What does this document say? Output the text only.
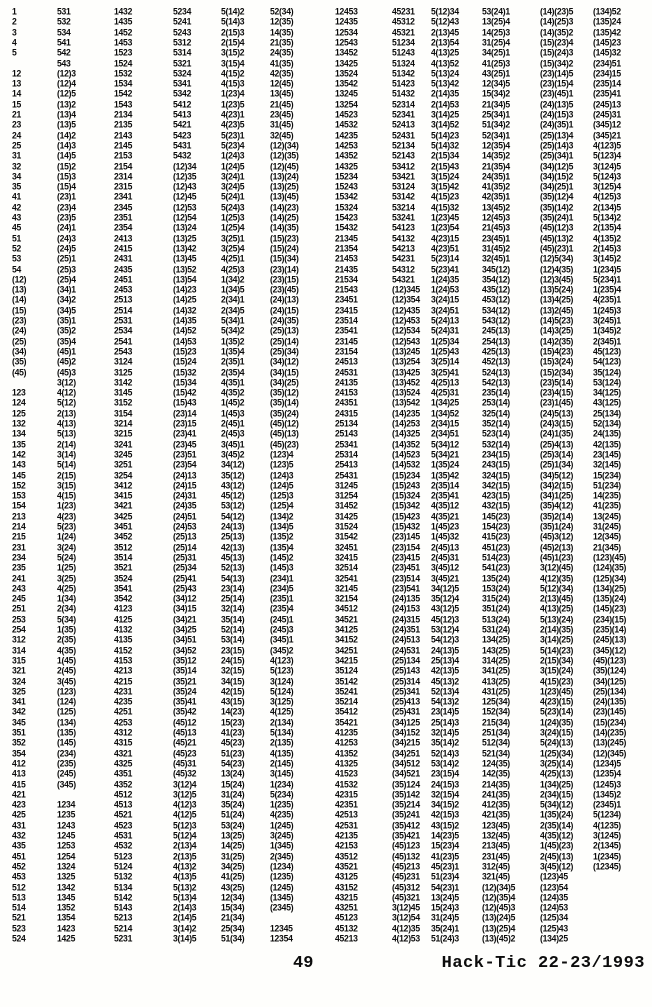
1
2
3
4
5
12
13
14
15
21
23
24
25
31
32
34
35
41
42
43
45
51
52
53
54
(12)
(13)
(14)
(15)
(23)
(24)
(25)
(34)
(35)
(45)
123
124
125
132
134
135
142
143
145
152
153
154
213
214
215
231
234
235
241
243
245
251
253
254
312
314
315
321
324
325
341
342
345
351
352
354
412
413
415
421
423
425
431
432
435
451
452
453
512
513
514
521
523
524
531
532
534
541
542
543
(12)3
(12)4
(12)5
(13)2
(13)4
(13)5
(14)2
(14)3
(14)5
(15)2
(15)3
(15)4
(23)1
(23)4
(23)5
(24)1
(24)3
(24)5
(25)1
(25)3
(25)4
(34)1
(34)2
(34)5
(35)1
(35)2
(35)4
(45)1
(45)2
(45)3
3(12)
4(12)
5(12)
2(13)
4(13)
5(13)
2(14)
3(14)
5(14)
2(15)
3(15)
4(15)
1(23)
4(23)
5(23)
1(24)
3(24)
5(24)
1(25)
3(25)
4(25)
1(34)
2(34)
5(34)
1(35)
2(35)
4(35)
1(45)
2(45)
3(45)
(123)
(124)
(125)
(134)
(135)
(145)
(234)
(235)
(245)
(345)
1234
1235
1243
1245
1253
1254
1324
1325
1342
1345
1352
1354
1423
1425
1432
1435
1452
1453
1523
1524
1532
1534
1542
1543
2134
2135
2143
2145
2153
2154
2314
2315
2341
2345
2351
2354
2413
2415
2431
2435
2451
2453
2513
2514
2531
2534
2541
2543
3124
3125
3142
3145
3152
3154
3214
3215
3241
3245
3251
3254
3412
3415
3421
3425
3451
3452
3512
3514
3521
3524
3541
3542
4123
4125
4132
4135
4152
4153
4213
4215
4231
4235
4251
4253
4312
4315
4321
4325
4351
4352
4512
4513
4521
4523
4531
4532
5123
5124
5132
5134
5142
5143
5213
5214
5231
5234
5241
5243
5312
5314
5321
5324
5341
5342
5412
5413
5421
5423
5431
5432
(12)34
(12)35
(12)43
(12)45
(12)53
(12)54
(13)24
(13)25
(13)42
(13)45
(13)52
(13)54
(14)23
(14)25
(14)32
(14)35
(14)52
(14)53
(15)23
(15)24
(15)32
(15)34
(15)42
(15)43
(23)14
(23)15
(23)41
(23)45
(23)51
(23)54
(24)13
(24)15
(24)31
(24)35
(24)51
(24)53
(25)13
(25)14
(25)31
(25)34
(25)41
(25)43
(34)12
(34)15
(34)21
(34)25
(34)51
(34)52
(35)12
(35)14
(35)21
(35)24
(35)41
(35)42
(45)12
(45)13
(45)21
(45)23
(45)31
(45)32
3(12)4
3(12)5
4(12)3
4(12)5
5(12)3
5(12)4
2(13)4
2(13)5
4(13)2
4(13)5
5(13)2
5(13)4
2(14)3
2(14)5
3(14)2
3(14)5
5(14)2
5(14)3
2(15)3
2(15)4
3(15)2
3(15)4
4(15)2
4(15)3
1(23)4
1(23)5
4(23)1
4(23)5
5(23)1
5(23)4
1(24)3
1(24)5
3(24)1
3(24)5
5(24)1
5(24)3
1(25)3
1(25)4
3(25)1
3(25)4
4(25)1
4(25)3
1(34)2
1(34)5
2(34)1
2(34)5
5(34)1
5(34)2
1(35)2
1(35)4
2(35)1
2(35)4
4(35)1
4(35)2
1(45)2
1(45)3
2(45)1
2(45)3
3(45)1
3(45)2
34(12)
35(12)
43(12)
45(12)
53(12)
54(12)
24(13)
25(13)
42(13)
45(13)
52(13)
54(13)
23(14)
25(14)
32(14)
35(14)
52(14)
53(14)
23(15)
24(15)
32(15)
34(15)
42(15)
43(15)
14(23)
15(23)
41(23)
45(23)
51(23)
54(23)
13(24)
15(24)
31(24)
35(24)
51(24)
53(24)
13(25)
14(25)
31(25)
34(25)
41(25)
43(25)
12(34)
15(34)
21(34)
25(34)
51(34)
52(34)
12(35)
14(35)
21(35)
24(35)
41(35)
42(35)
12(45)
13(45)
21(45)
23(45)
31(45)
32(45)
(12)(34)
(12)(35)
(12)(45)
(13)(24)
(13)(25)
(13)(45)
(14)(23)
(14)(25)
(14)(35)
(15)(23)
(15)(24)
(15)(34)
(23)(14)
(23)(15)
(23)(45)
(24)(13)
(24)(15)
(24)(35)
(25)(13)
(25)(14)
(25)(34)
(34)(12)
(34)(15)
(34)(25)
(35)(12)
(35)(14)
(35)(24)
(45)(12)
(45)(13)
(45)(23)
(123)4
(123)5
(124)3
(124)5
(125)3
(125)4
(134)2
(134)5
(135)2
(135)4
(145)2
(145)3
(234)1
(234)5
(235)1
(235)4
(245)1
(245)3
(345)1
(345)2
4(123)
5(123)
3(124)
5(124)
3(125)
4(125)
2(134)
5(134)
2(135)
4(135)
2(145)
3(145)
1(234)
5(234)
1(235)
4(235)
1(245)
3(245)
1(345)
2(345)
(1234)
(1235)
(1245)
(1345)
(2345)
12345
12354
12453
12435
12534
12543
13452
13425
13524
13542
13245
13254
14523
14532
14235
14253
14352
14325
15234
15243
15342
15324
15423
15432
21345
21354
21453
21435
21534
21543
23451
23415
23514
23541
23145
23154
24513
24531
24135
24153
24351
24315
25134
25143
25341
25314
25413
25431
31245
31254
31452
31425
31524
31542
32451
32415
32514
32541
32145
32154
34512
34521
34125
34152
34251
34215
35124
35142
35241
35214
35412
35421
41235
41253
41352
41325
41523
41532
42315
42351
42513
42531
42135
42153
43512
43521
43125
43152
43215
43251
45123
45132
45213
45231
45312
45321
51234
51243
51324
51342
51423
51432
52314
52341
52413
52431
52134
52143
53412
53421
53124
53142
53214
53241
54123
54132
54213
54231
54312
54321
(12)345
(12)354
(12)435
(12)453
(12)534
(12)543
(13)245
(13)254
(13)425
(13)452
(13)524
(13)542
(14)235
(14)253
(14)325
(14)352
(14)523
(14)532
(15)234
(15)243
(15)324
(15)342
(15)423
(15)432
(23)145
(23)154
(23)415
(23)451
(23)514
(23)541
(24)135
(24)153
(24)315
(24)351
(24)513
(24)531
(25)134
(25)143
(25)314
(25)341
(25)413
(25)431
(34)125
(34)152
(34)215
(34)251
(34)512
(34)521
(35)124
(35)142
(35)214
(35)241
(35)412
(35)421
(45)123
(45)132
(45)213
(45)231
(45)312
(45)321
3(12)45
3(12)54
4(12)35
4(12)53
5(12)34
5(12)43
2(13)45
2(13)54
4(13)25
4(13)52
5(13)24
5(13)42
2(14)35
2(14)53
3(14)25
3(14)52
5(14)23
5(14)32
2(15)34
2(15)43
3(15)24
3(15)42
4(15)23
4(15)32
1(23)45
1(23)54
4(23)15
4(23)51
5(23)14
5(23)41
1(24)35
1(24)53
3(24)15
3(24)51
5(24)13
5(24)31
1(25)34
1(25)43
3(25)14
3(25)41
4(25)13
4(25)31
1(34)25
1(34)52
2(34)15
2(34)51
5(34)12
5(34)21
1(35)24
1(35)42
2(35)14
2(35)41
4(35)12
4(35)21
1(45)23
1(45)32
2(45)13
2(45)31
3(45)12
3(45)21
34(12)5
35(12)4
43(12)5
45(12)3
53(12)4
54(12)3
24(13)5
25(13)4
42(13)5
45(13)2
52(13)4
54(13)2
23(14)5
25(14)3
32(14)5
35(14)2
52(14)3
53(14)2
23(15)4
24(15)3
32(15)4
34(15)2
42(15)3
43(15)2
14(23)5
15(23)4
41(23)5
45(23)1
51(23)4
54(23)1
13(24)5
15(24)3
31(24)5
35(24)1
51(24)3
53(24)1
13(25)4
14(25)3
31(25)4
34(25)1
41(25)3
43(25)1
12(34)5
15(34)2
21(34)5
25(34)1
51(34)2
52(34)1
12(35)4
14(35)2
21(35)4
24(35)1
41(35)2
42(35)1
13(45)2
12(45)3
21(45)3
23(45)1
31(45)2
32(45)1
345(12)
354(12)
435(12)
453(12)
534(12)
543(12)
245(13)
254(13)
425(13)
452(13)
524(13)
542(13)
235(14)
253(14)
325(14)
352(14)
523(14)
532(14)
234(15)
243(15)
324(15)
342(15)
423(15)
432(15)
145(23)
154(23)
415(23)
451(23)
514(23)
541(23)
135(24)
153(24)
315(24)
351(24)
513(24)
531(24)
134(25)
143(25)
314(25)
341(25)
413(25)
431(25)
125(34)
152(34)
215(34)
251(34)
512(34)
521(34)
124(35)
142(35)
214(35)
241(35)
412(35)
421(35)
123(45)
132(45)
213(45)
231(45)
312(45)
321(45)
(12)(34)5
(12)(35)4
(12)(45)3
(13)(24)5
(13)(25)4
(13)(45)2
(14)(23)5
(14)(25)3
(14)(35)2
(15)(23)4
(15)(24)3
(15)(34)2
(23)(14)5
(23)(15)4
(23)(45)1
(24)(13)5
(24)(15)3
(24)(35)1
(25)(13)4
(25)(14)3
(25)(34)1
(34)(12)5
(34)(15)2
(34)(25)1
(35)(12)4
(35)(14)2
(35)(24)1
(45)(12)3
(45)(13)2
(45)(23)1
(12)5(34)
(12)4(35)
(12)3(45)
(13)5(24)
(13)4(25)
(13)2(45)
(14)5(23)
(14)3(25)
(14)2(35)
(15)4(23)
(15)3(24)
(15)2(34)
(23)5(14)
(23)4(15)
(23)1(45)
(24)5(13)
(24)3(15)
(24)1(35)
(25)4(13)
(25)3(14)
(25)1(34)
(34)5(12)
(34)2(15)
(34)1(25)
(35)4(12)
(35)2(14)
(35)1(24)
(45)3(12)
(45)2(13)
(45)1(23)
3(12)(45)
4(12)(35)
5(12)(34)
2(13)(45)
4(13)(25)
5(13)(24)
2(14)(35)
3(14)(25)
5(14)(23)
2(15)(34)
3(15)(24)
4(15)(23)
1(23)(45)
4(23)(15)
5(23)(14)
1(24)(35)
3(24)(15)
5(24)(13)
1(25)(34)
3(25)(14)
4(25)(13)
1(34)(25)
2(34)(15)
5(34)(12)
1(35)(24)
2(35)(14)
4(35)(12)
1(45)(23)
2(45)(13)
3(45)(12)
(123)45
(123)54
(124)35
(124)53
(125)34
(125)43
(134)25
(134)52
(135)24
(135)42
(145)23
(145)32
(234)51
(234)15
(235)14
(235)41
(245)13
(245)31
(345)12
(345)21
4(123)5
5(123)4
3(124)5
5(124)3
3(125)4
4(125)3
2(134)5
5(134)2
2(135)4
4(135)2
2(145)3
3(145)2
1(234)5
5(234)1
1(235)4
4(235)1
1(245)3
3(245)1
1(345)2
2(345)1
45(123)
54(123)
35(124)
53(124)
34(125)
43(125)
25(134)
52(134)
24(135)
42(135)
23(145)
32(145)
15(234)
51(234)
14(235)
41(235)
13(245)
31(245)
12(345)
21(345)
(123)(45)
(124)(35)
(125)(34)
(134)(25)
(135)(24)
(145)(23)
(234)(15)
(235)(14)
(245)(13)
(345)(12)
(45)(123)
(35)(124)
(34)(125)
(25)(134)
(24)(135)
(23)(145)
(15)(234)
(14)(235)
(13)(245)
(12)(345)
(1234)5
(1235)4
(1245)3
(1345)2
(2345)1
5(1234)
4(1235)
3(1245)
2(1345)
1(2345)
(12345)
49	Hack-Tic 22-23/1993
